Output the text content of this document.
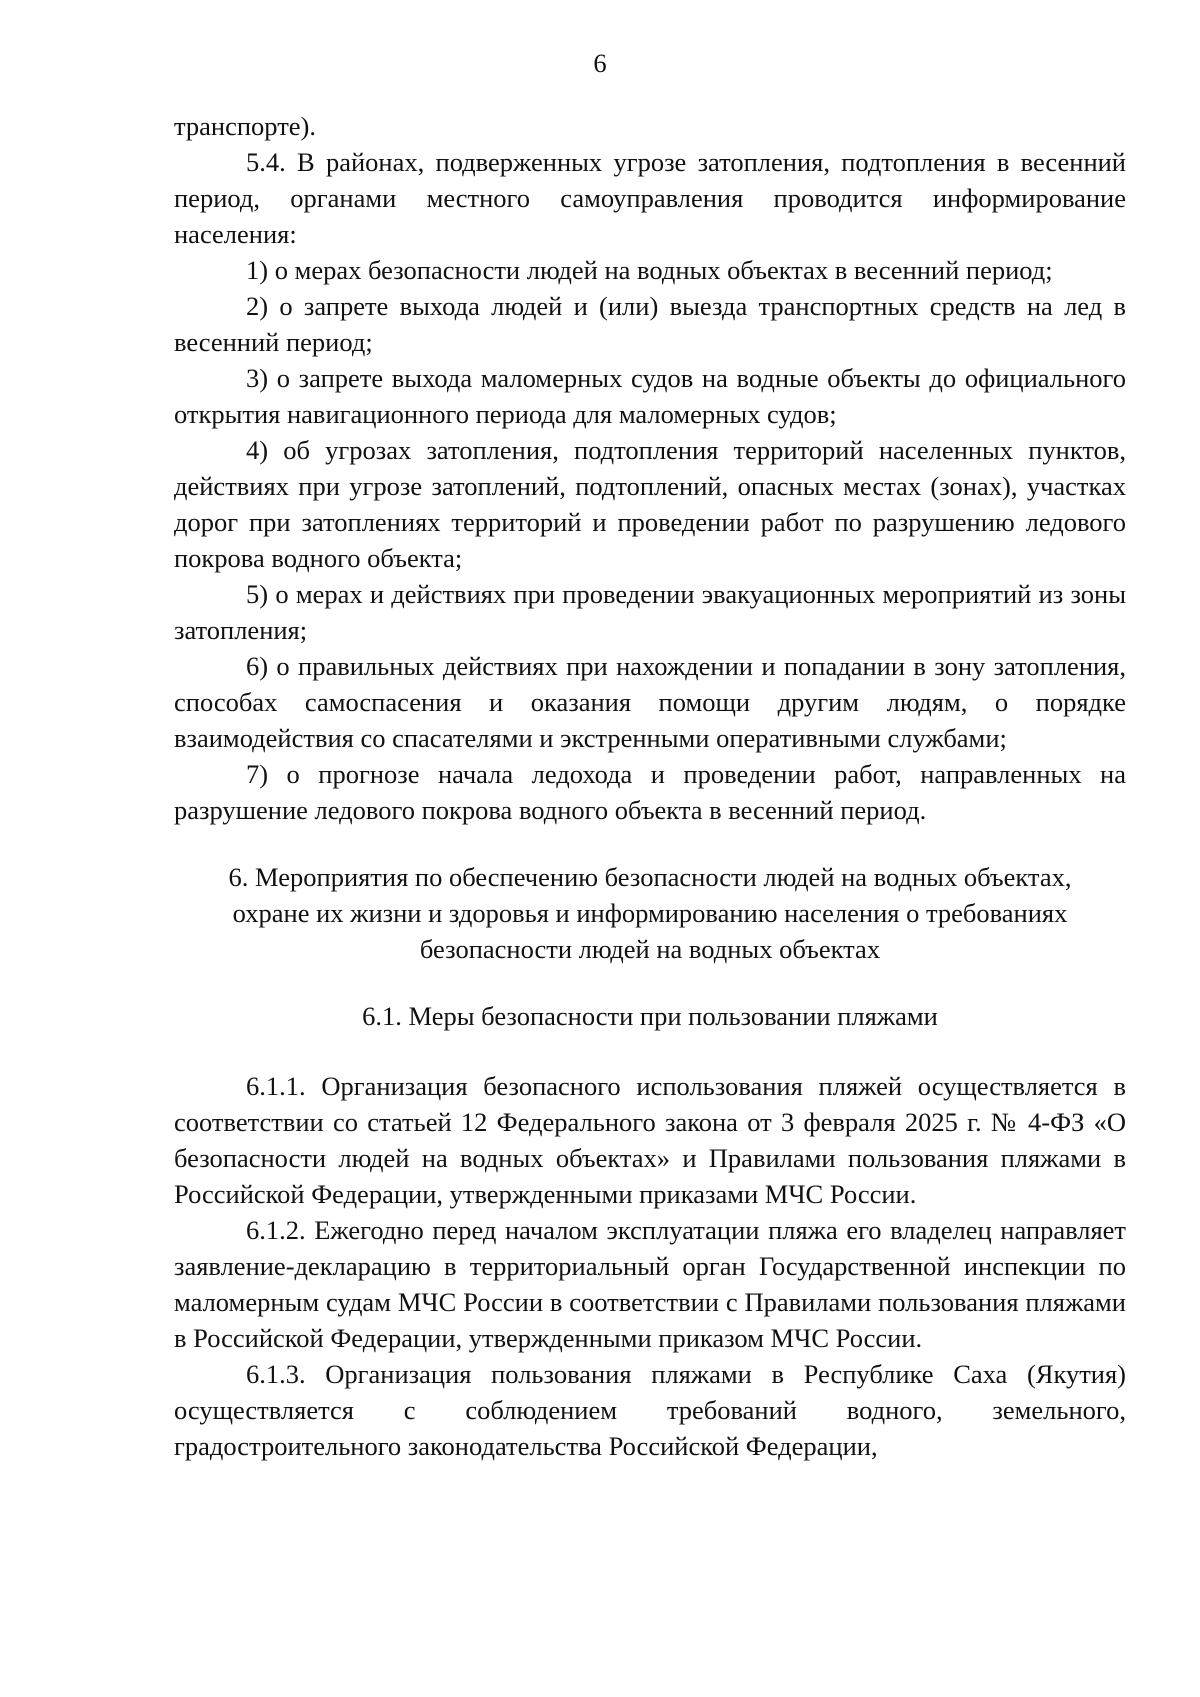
6

транспорте).

5.4. В районах, подверженных угрозе затопления, подтопления в весенний период, органами местного самоуправления проводится информирование населения:

1) о мерах безопасности людей на водных объектах в весенний период;

2) о запрете выхода людей и (или) выезда транспортных средств на лед в весенний период;

3) о запрете выхода маломерных судов на водные объекты до официального открытия навигационного периода для маломерных судов;

4) об угрозах затопления, подтопления территорий населенных пунктов, действиях при угрозе затоплений, подтоплений, опасных местах (зонах), участках дорог при затоплениях территорий и проведении работ по разрушению ледового покрова водного объекта;

5) о мерах и действиях при проведении эвакуационных мероприятий из зоны затопления;

6) о правильных действиях при нахождении и попадании в зону затопления, способах самоспасения и оказания помощи другим людям, о порядке взаимодействия со спасателями и экстренными оперативными службами;

7) о прогнозе начала ледохода и проведении работ, направленных на разрушение ледового покрова водного объекта в весенний период.

6. Мероприятия по обеспечению безопасности людей на водных объектах, охране их жизни и здоровья и информированию населения о требованиях безопасности людей на водных объектах

6.1. Меры безопасности при пользовании пляжами

6.1.1. Организация безопасного использования пляжей осуществляется в соответствии со статьей 12 Федерального закона от 3 февраля 2025 г. № 4-ФЗ «О безопасности людей на водных объектах» и Правилами пользования пляжами в Российской Федерации, утвержденными приказами МЧС России.

6.1.2. Ежегодно перед началом эксплуатации пляжа его владелец направляет заявление-декларацию в территориальный орган Государственной инспекции по маломерным судам МЧС России в соответствии с Правилами пользования пляжами в Российской Федерации, утвержденными приказом МЧС России.

6.1.3. Организация пользования пляжами в Республике Саха (Якутия) осуществляется с соблюдением требований водного, земельного, градостроительного законодательства Российской Федерации,
